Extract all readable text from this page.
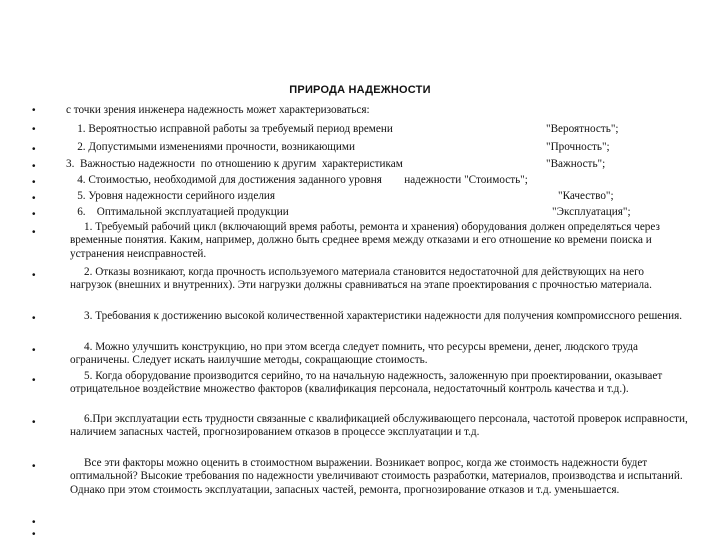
ПРИРОДА НАДЕЖНОСТИ
•
•
•
•
•
•
•
•
•
•
•
•
•
•
•
•
с точки зрения инженера надежность может характеризоваться:
1. Вероятностью исправной работы за требуемый период времени	"Вероятность";
2. Допустимыми изменениями прочности, возникающими	"Прочность";
3.  Важностью надежности  по отношению к другим  характеристикам	"Важность";
4. Стоимостью, необходимой для достижения заданного уровня        надежности "Стоимость";
5. Уровня надежности серийного изделия	"Качество";
6.    Оптимальной эксплуатацией продукции	"Эксплуатация";
1. Требуемый рабочий цикл (включающий время работы, ремонта и хранения) оборудования должен определяться через временные понятия. Каким, например, должно быть среднее время между отказами и его отношение ко времени поиска и устранения неисправностей.
2. Отказы возникают, когда прочность используемого материала становится недостаточной для действующих на него нагрузок (внешних и внутренних). Эти нагрузки должны сравниваться на этапе проектирования с прочностью материала.
3. Требования к достижению высокой количественной характеристики надежности для получения компромиссного решения.
4. Можно улучшить конструкцию, но при этом всегда следует помнить, что ресурсы времени, денег, людского труда ограничены. Следует искать наилучшие методы, сокращающие стоимость.
5. Когда оборудование производится серийно, то на начальную надежность, заложенную при проектировании, оказывает отрицательное воздействие множество факторов (квалификация персонала, недостаточный контроль качества и т.д.).
6.При эксплуатации есть трудности связанные с квалификацией обслуживающего персонала, частотой проверок исправности, наличием запасных частей, прогнозированием отказов в процессе эксплуатации и т.д.
Все эти факторы можно оценить в стоимостном выражении. Возникает вопрос, когда же стоимость надежности будет оптимальной? Высокие требования по надежности увеличивают стоимость разработки, материалов, производства и испытаний. Однако при этом стоимость эксплуатации, запасных частей, ремонта, прогнозирование отказов и т.д. уменьшается.
